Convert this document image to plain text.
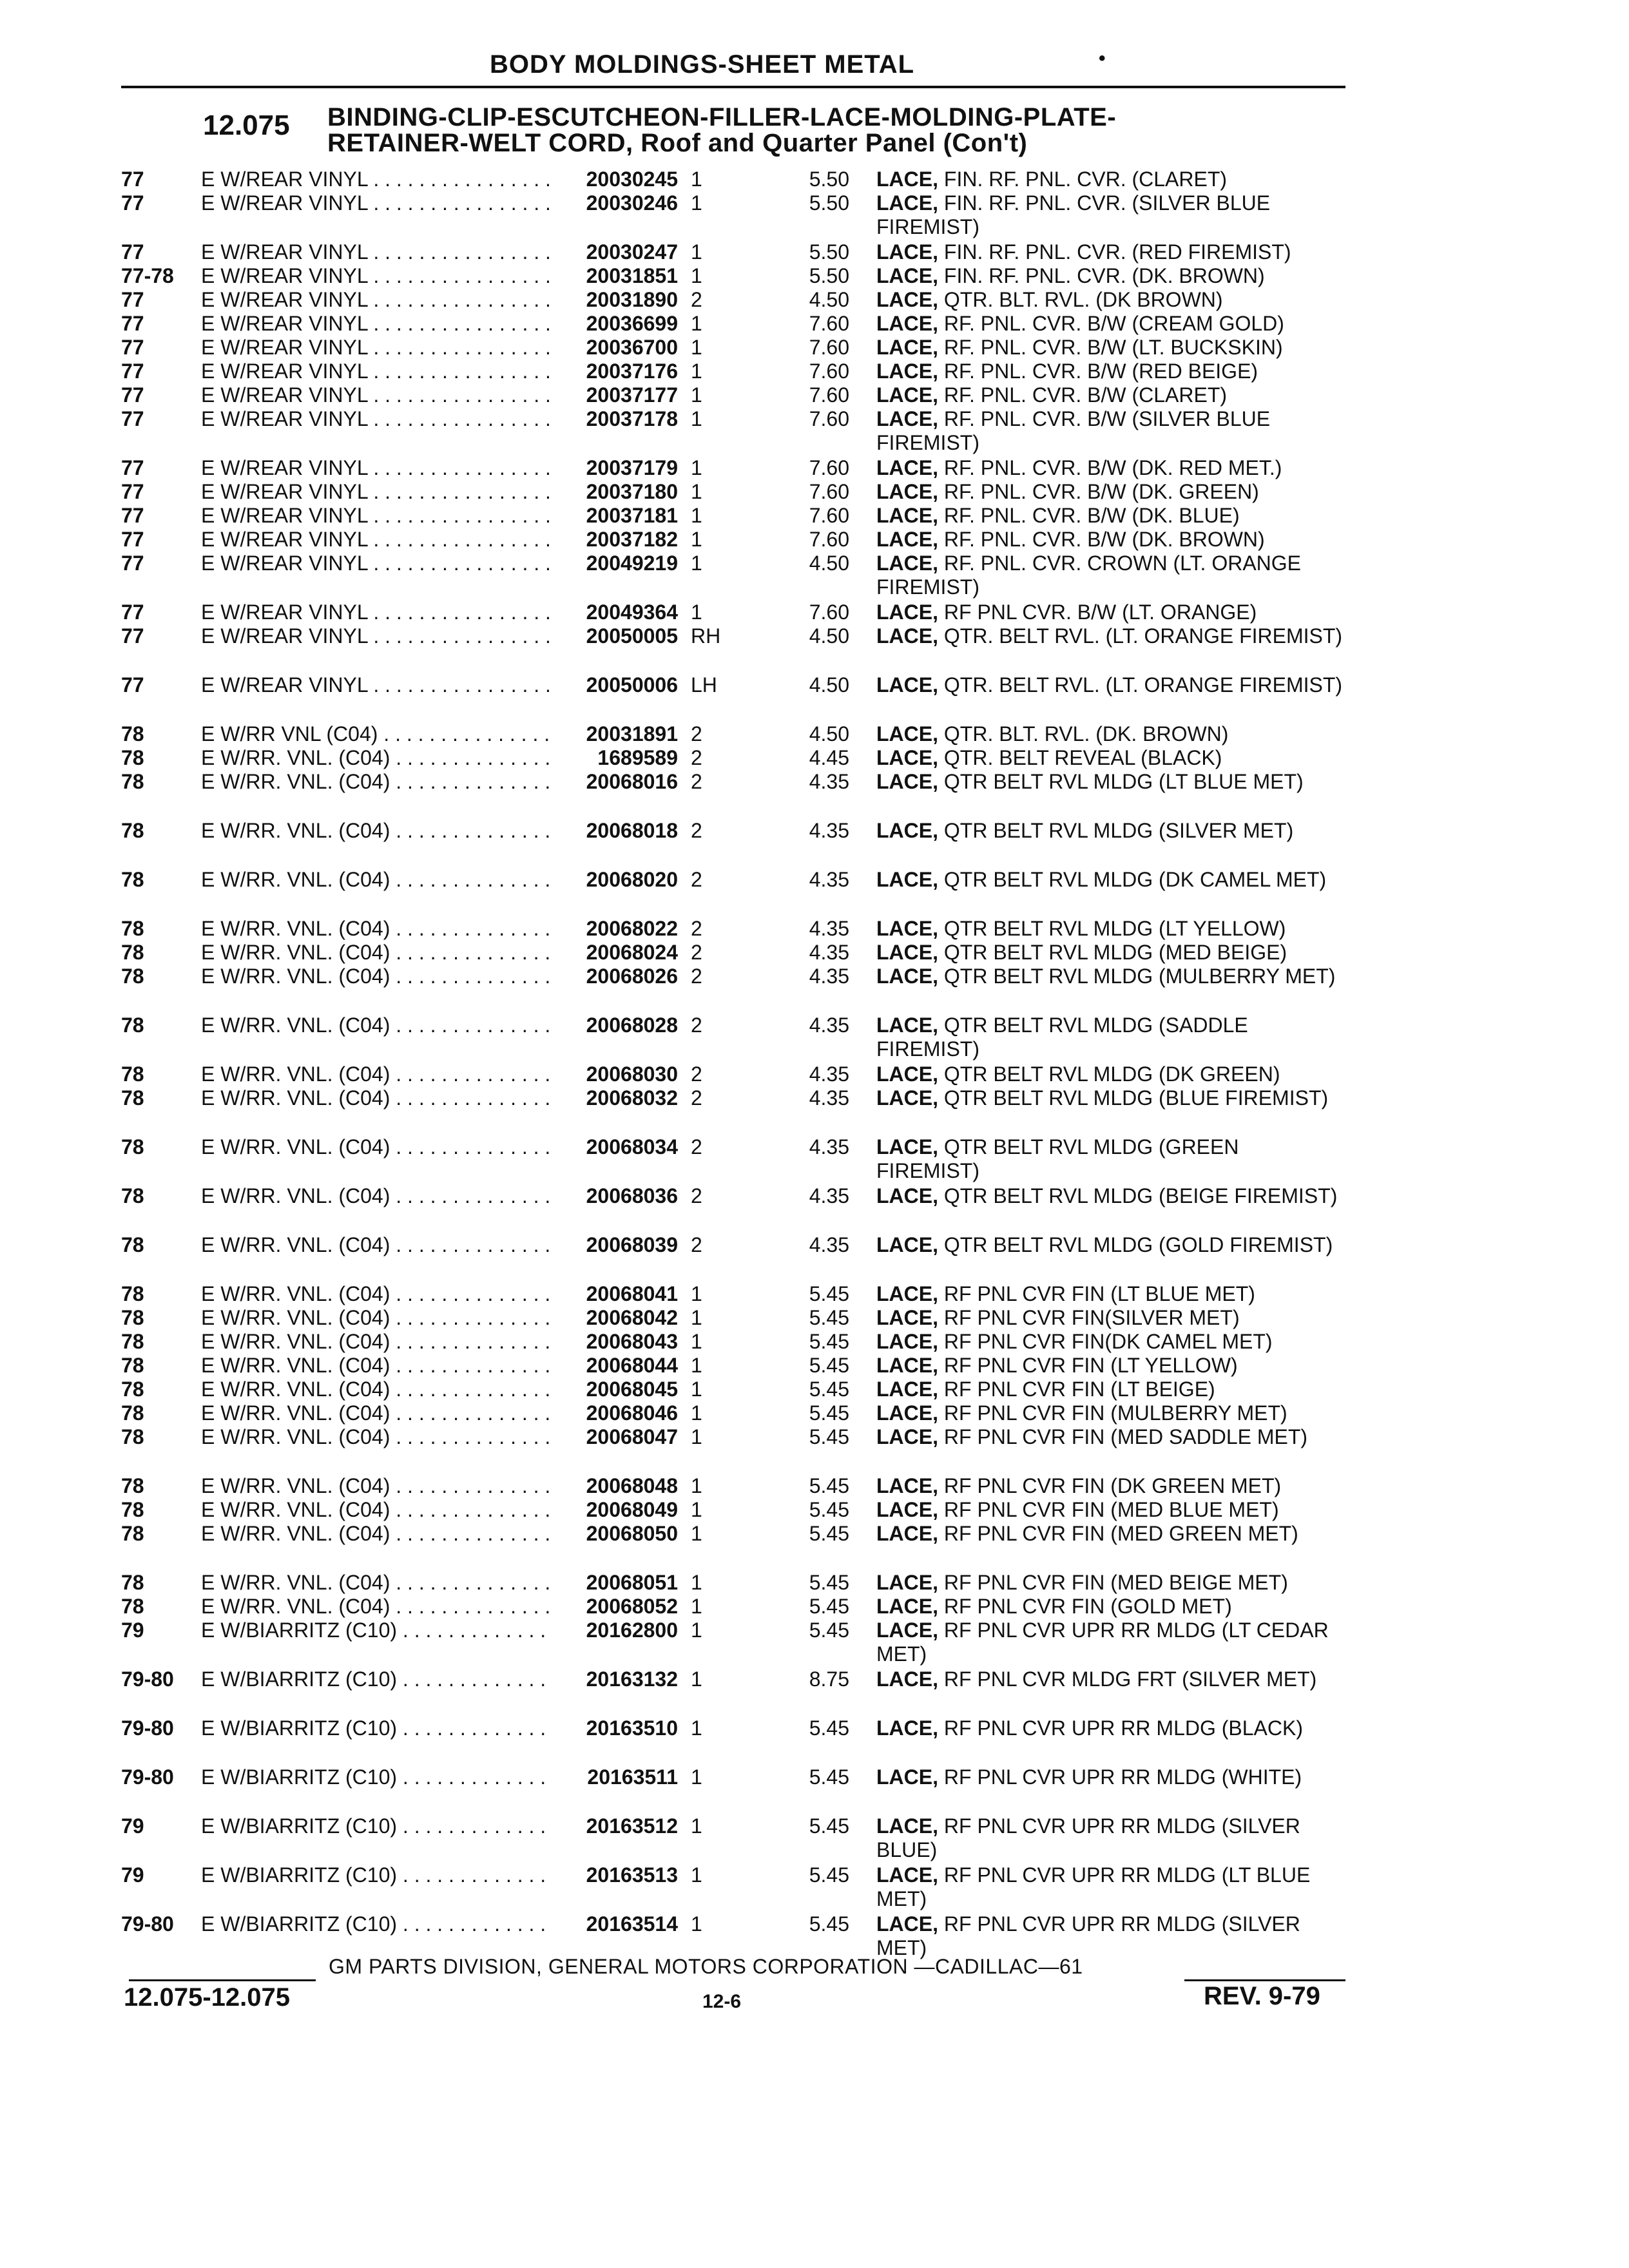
BODY MOLDINGS-SHEET METAL	•
12.075 BINDING-CLIP-ESCUTCHEON-FILLER-LACE-MOLDING-PLATE-
RETAINER-WELT CORD, Roof and Quarter Panel (Con't)
77	E W/REAR VINYL . . .	20030245 1	5.50 LACE, FIN. RF. PNL. CVR. (CLARET)
77	E W/REAR VINYL . . .	20030246 1	5.50 LACE, FIN. RF. PNL. CVR. (SILVER BLUE FIREMIST)
77	E W/REAR VINYL . . .	20030247 1	5.50 LACE, FIN. RF. PNL. CVR. (RED FIREMIST)
77-78 E W/REAR VINYL . . .	20031851 1	5.50 LACE, FIN. RF. PNL. CVR. (DK. BROWN)
77	E W/REAR VINYL . . .	20031890 2	4.50 LACE, QTR. BLT. RVL. (DK BROWN)
77	E W/REAR VINYL . . .	20036699 1	7.60 LACE, RF. PNL. CVR. B/W (CREAM GOLD)
77	E W/REAR VINYL . . .	20036700 1	7.60 LACE, RF. PNL. CVR. B/W (LT. BUCKSKIN)
77	E W/REAR VINYL . . .	20037176 1	7.60 LACE, RF. PNL. CVR. B/W (RED BEIGE)
77	E W/REAR VINYL . . .	20037177 1	7.60 LACE, RF. PNL. CVR. B/W (CLARET)
77	E W/REAR VINYL . . .	20037178 1	7.60 LACE, RF. PNL. CVR. B/W (SILVER BLUE FIREMIST)
77	E W/REAR VINYL . . .	20037179 1	7.60 LACE, RF. PNL. CVR. B/W (DK. RED MET.)
77	E W/REAR VINYL . . .	20037180 1	7.60 LACE, RF. PNL. CVR. B/W (DK. GREEN)
77	E W/REAR VINYL . . .	20037181 1	7.60 LACE, RF. PNL. CVR. B/W (DK. BLUE)
77	E W/REAR VINYL . . .	20037182 1	7.60 LACE, RF. PNL. CVR. B/W (DK. BROWN)
77	E W/REAR VINYL . . .	20049219 1	4.50 LACE, RF. PNL. CVR. CROWN (LT. ORANGE FIREMIST)
77	E W/REAR VINYL . . .	20049364 1	7.60 LACE, RF PNL CVR. B/W (LT. ORANGE)
77	E W/REAR VINYL . . .	20050005 RH	4.50 LACE, QTR. BELT RVL. (LT. ORANGE FIREMIST)
77	E W/REAR VINYL . . .	20050006 LH	4.50 LACE, QTR. BELT RVL. (LT. ORANGE FIREMIST)
78	E W/RR VNL (C04) . . .	20031891 2	4.50 LACE, QTR. BLT. RVL. (DK. BROWN)
78	E W/RR. VNL. (C04) . . .	1689589 2	4.45 LACE, QTR. BELT REVEAL (BLACK)
78	E W/RR. VNL. (C04) . . .	20068016 2	4.35 LACE, QTR BELT RVL MLDG (LT BLUE MET)
78	E W/RR. VNL. (C04) . . .	20068018 2	4.35 LACE, QTR BELT RVL MLDG (SILVER MET)
78	E W/RR. VNL. (C04) . . .	20068020 2	4.35 LACE, QTR BELT RVL MLDG (DK CAMEL MET)
78	E W/RR. VNL. (C04) . . .	20068022 2	4.35 LACE, QTR BELT RVL MLDG (LT YELLOW)
78	E W/RR. VNL. (C04) . . .	20068024 2	4.35 LACE, QTR BELT RVL MLDG (MED BEIGE)
78	E W/RR. VNL. (C04) . . .	20068026 2	4.35 LACE, QTR BELT RVL MLDG (MULBERRY MET)
78	E W/RR. VNL. (C04) . . .	20068028 2	4.35 LACE, QTR BELT RVL MLDG (SADDLE FIREMIST)
78	E W/RR. VNL. (C04) . . .	20068030 2	4.35 LACE, QTR BELT RVL MLDG (DK GREEN)
78	E W/RR. VNL. (C04) . . .	20068032 2	4.35 LACE, QTR BELT RVL MLDG (BLUE FIREMIST)
78	E W/RR. VNL. (C04) . . .	20068034 2	4.35 LACE, QTR BELT RVL MLDG (GREEN FIREMIST)
78	E W/RR. VNL. (C04) . . .	20068036 2	4.35 LACE, QTR BELT RVL MLDG (BEIGE FIREMIST)
78	E W/RR. VNL. (C04) . . .	20068039 2	4.35 LACE, QTR BELT RVL MLDG (GOLD FIREMIST)
78	E W/RR. VNL. (C04) . . .	20068041 1	5.45 LACE, RF PNL CVR FIN (LT BLUE MET)
78	E W/RR. VNL. (C04) . . .	20068042 1	5.45 LACE, RF PNL CVR FIN(SILVER MET)
78	E W/RR. VNL. (C04) . . .	20068043 1	5.45 LACE, RF PNL CVR FIN(DK CAMEL MET)
78	E W/RR. VNL. (C04) . . .	20068044 1	5.45 LACE, RF PNL CVR FIN (LT YELLOW)
78	E W/RR. VNL. (C04) . . .	20068045 1	5.45 LACE, RF PNL CVR FIN (LT BEIGE)
78	E W/RR. VNL. (C04) . . .	20068046 1	5.45 LACE, RF PNL CVR FIN (MULBERRY MET)
78	E W/RR. VNL. (C04) . . .	20068047 1	5.45 LACE, RF PNL CVR FIN (MED SADDLE MET)
78	E W/RR. VNL. (C04) . . .	20068048 1	5.45 LACE, RF PNL CVR FIN (DK GREEN MET)
78	E W/RR. VNL. (C04) . . .	20068049 1	5.45 LACE, RF PNL CVR FIN (MED BLUE MET)
78	E W/RR. VNL. (C04) . . .	20068050 1	5.45 LACE, RF PNL CVR FIN (MED GREEN MET)
78	E W/RR. VNL. (C04) . . .	20068051 1	5.45 LACE, RF PNL CVR FIN (MED BEIGE MET)
78	E W/RR. VNL. (C04) . . .	20068052 1	5.45 LACE, RF PNL CVR FIN (GOLD MET)
79	E W/BIARRITZ (C10) . . .	20162800 1	5.45 LACE, RF PNL CVR UPR RR MLDG (LT CEDAR MET)
79-80 E W/BIARRITZ (C10) . . .	20163132 1	8.75 LACE, RF PNL CVR MLDG FRT (SILVER MET)
79-80 E W/BIARRITZ (C10) . . .	20163510 1	5.45 LACE, RF PNL CVR UPR RR MLDG (BLACK)
79-80 E W/BIARRITZ (C10) . . .	20163511 1	5.45 LACE, RF PNL CVR UPR RR MLDG (WHITE)
79	E W/BIARRITZ (C10) . . .	20163512 1	5.45 LACE, RF PNL CVR UPR RR MLDG (SILVER BLUE)
79	E W/BIARRITZ (C10) . . .	20163513 1	5.45 LACE, RF PNL CVR UPR RR MLDG (LT BLUE MET)
79-80 E W/BIARRITZ (C10) . . .	20163514 1	5.45 LACE, RF PNL CVR UPR RR MLDG (SILVER MET)
GM PARTS DIVISION, GENERAL MOTORS CORPORATION —CADILLAC—61
12.075-12.075	12-6	REV. 9-79
